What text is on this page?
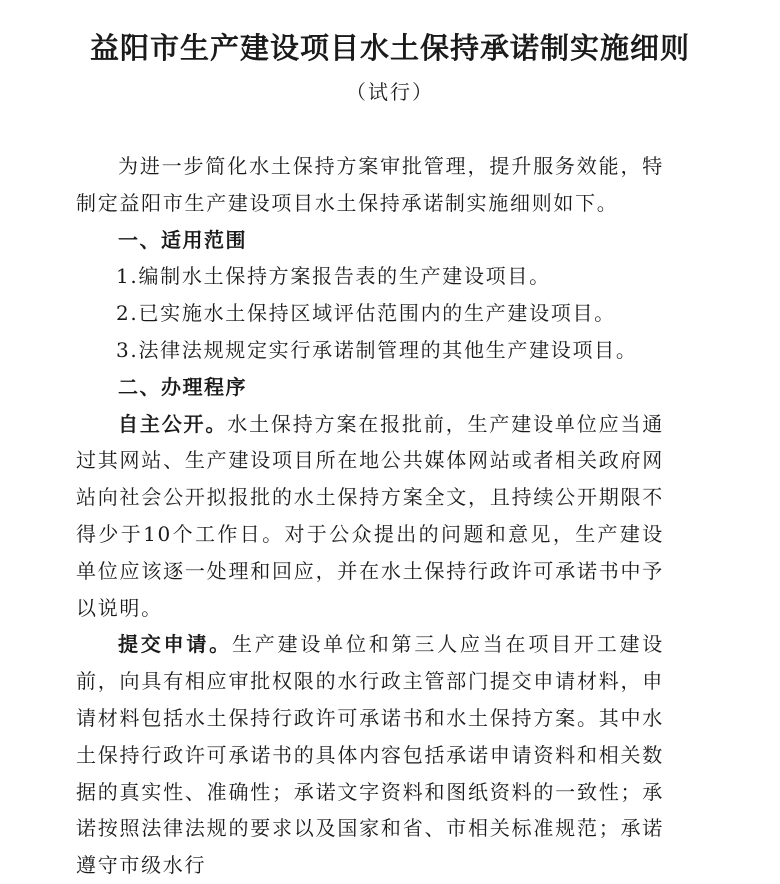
益阳市生产建设项目水土保持承诺制实施细则
（试行）

为进一步简化水土保持方案审批管理，提升服务效能，特制定益阳市生产建设项目水土保持承诺制实施细则如下。

一、适用范围

1.编制水土保持方案报告表的生产建设项目。

2.已实施水土保持区域评估范围内的生产建设项目。

3.法律法规规定实行承诺制管理的其他生产建设项目。

二、办理程序

自主公开。水土保持方案在报批前，生产建设单位应当通过其网站、生产建设项目所在地公共媒体网站或者相关政府网站向社会公开拟报批的水土保持方案全文，且持续公开期限不得少于10个工作日。对于公众提出的问题和意见，生产建设单位应该逐一处理和回应，并在水土保持行政许可承诺书中予以说明。

提交申请。生产建设单位和第三人应当在项目开工建设前，向具有相应审批权限的水行政主管部门提交申请材料，申请材料包括水土保持行政许可承诺书和水土保持方案。其中水土保持行政许可承诺书的具体内容包括承诺申请资料和相关数据的真实性、准确性；承诺文字资料和图纸资料的一致性；承诺按照法律法规的要求以及国家和省、市相关标准规范；承诺遵守市级水行
